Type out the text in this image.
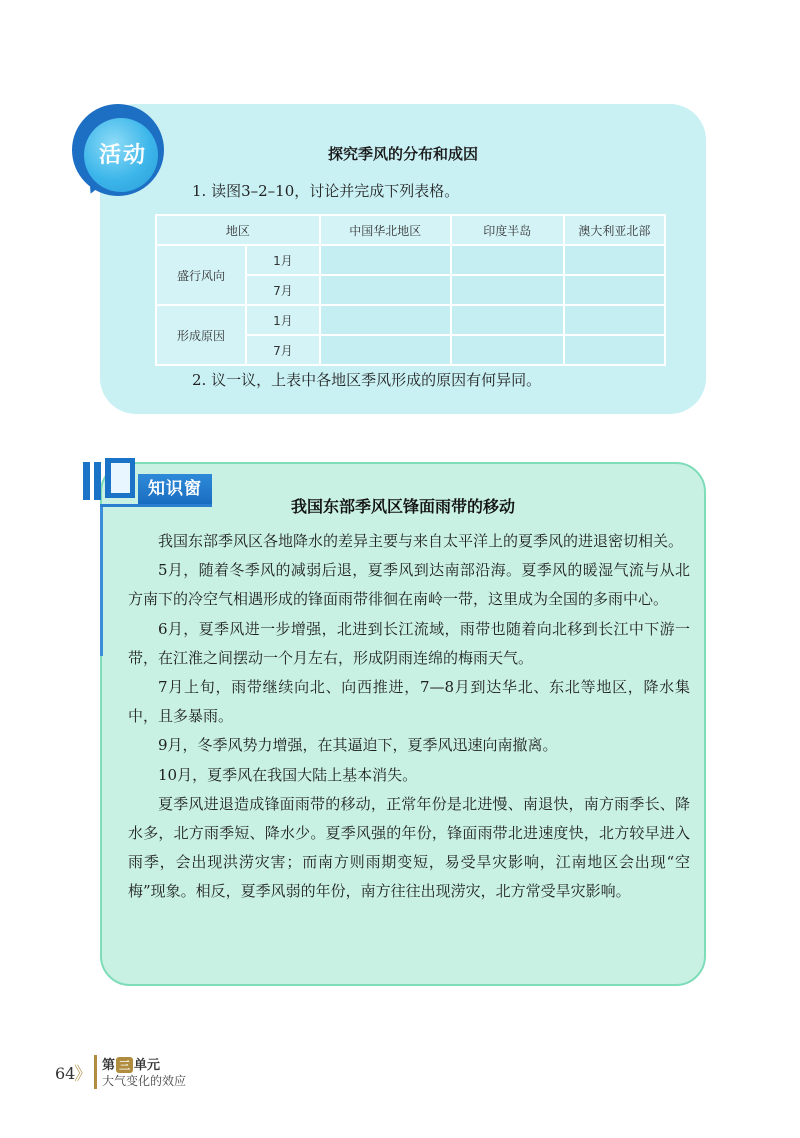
活动	探究季风的分布和成因
1. 读图3–2–10，讨论并完成下列表格。
地区		中国华北地区	印度半岛	澳大利亚北部
盛行风向	1月			
	7月			
形成原因	1月			
	7月			
2. 议一议，上表中各地区季风形成的原因有何异同。
知识窗
我国东部季风区锋面雨带的移动

我国东部季风区各地降水的差异主要与来自太平洋上的夏季风的进退密切相关。

5月，随着冬季风的减弱后退，夏季风到达南部沿海。夏季风的暖湿气流与从北方南下的冷空气相遇形成的锋面雨带徘徊在南岭一带，这里成为全国的多雨中心。

6月，夏季风进一步增强，北进到长江流域，雨带也随着向北移到长江中下游一带，在江淮之间摆动一个月左右，形成阴雨连绵的梅雨天气。

7月上旬，雨带继续向北、向西推进，7—8月到达华北、东北等地区，降水集中，且多暴雨。

9月，冬季风势力增强，在其逼迫下，夏季风迅速向南撤离。

10月，夏季风在我国大陆上基本消失。

夏季风进退造成锋面雨带的移动，正常年份是北进慢、南退快，南方雨季长、降水多，北方雨季短、降水少。夏季风强的年份，锋面雨带北进速度快，北方较早进入雨季，会出现洪涝灾害；而南方则雨期变短，易受旱灾影响，江南地区会出现“空梅”现象。相反，夏季风弱的年份，南方往往出现涝灾，北方常受旱灾影响。

64
》 第 三 单元
大气变化的效应
